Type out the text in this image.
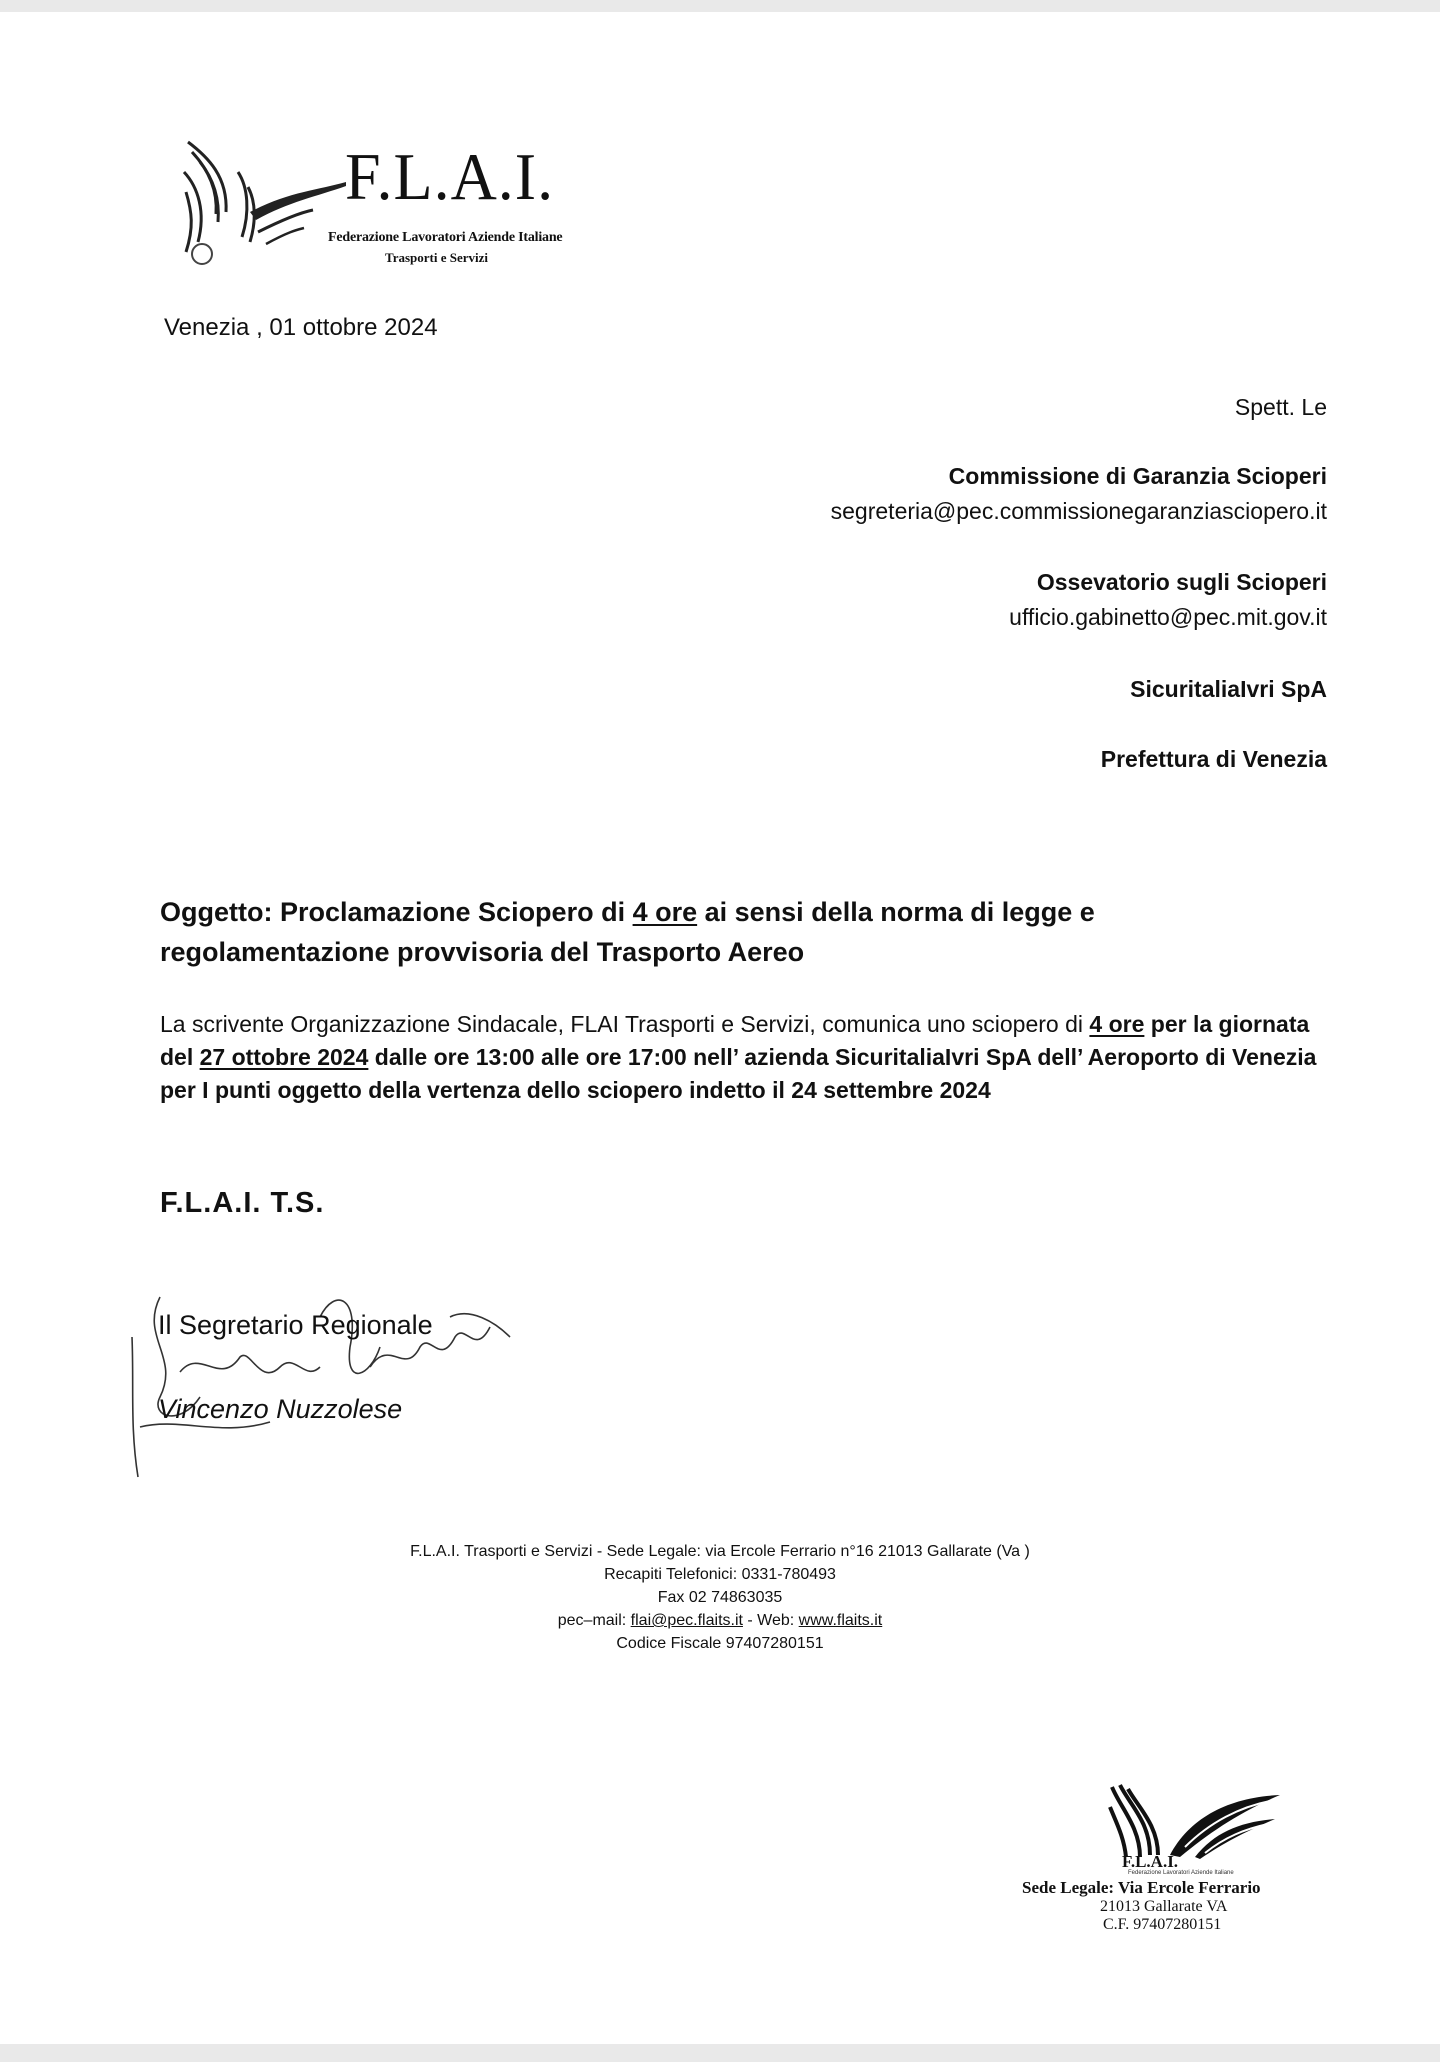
F.L.A.I.
Federazione Lavoratori Aziende Italiane
Trasporti e Servizi
Venezia , 01 ottobre 2024
Spett. Le
Commissione di Garanzia Scioperi
segreteria@pec.commissionegaranziasciopero.it
Ossevatorio sugli Scioperi
ufficio.gabinetto@pec.mit.gov.it
SicuritaliaIvri SpA
Prefettura di Venezia
Oggetto: Proclamazione Sciopero di 4 ore ai sensi della norma di legge e regolamentazione provvisoria del Trasporto Aereo
La scrivente Organizzazione Sindacale, FLAI Trasporti e Servizi, comunica uno sciopero di 4 ore per la giornata del 27 ottobre 2024 dalle ore 13:00 alle ore 17:00 nell’ azienda SicuritaliaIvri SpA dell’ Aeroporto di Venezia per I punti oggetto della vertenza dello sciopero indetto il 24 settembre 2024
F.L.A.I. T.S.
Il Segretario Regionale
Vincenzo Nuzzolese
F.L.A.I. Trasporti e Servizi - Sede Legale: via Ercole Ferrario n°16 21013 Gallarate (Va )
Recapiti Telefonici: 0331-780493
Fax 02 74863035
pec–mail: flai@pec.flaits.it - Web: www.flaits.it
Codice Fiscale 97407280151
F.L.A.I.
Federazione Lavoratori Aziende Italiane
Sede Legale: Via Ercole Ferrario
21013 Gallarate VA
C.F. 97407280151
